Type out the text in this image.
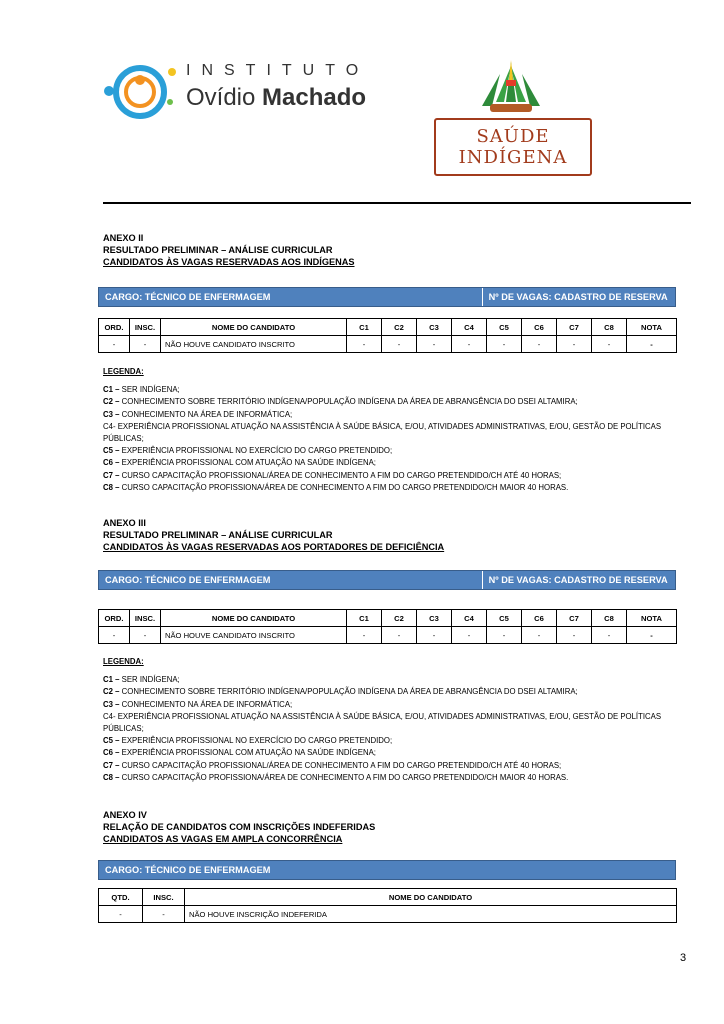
INSTITUTO
Ovídio Machado
SAÚDE INDÍGENA
ANEXO II
RESULTADO PRELIMINAR – ANÁLISE CURRICULAR
CANDIDATOS ÀS VAGAS RESERVADAS AOS INDÍGENAS
CARGO: TÉCNICO DE ENFERMAGEM	Nº DE VAGAS: CADASTRO DE RESERVA
ORD.	INSC.	NOME DO CANDIDATO	C1	C2	C3	C4	C5	C6	C7	C8	NOTA
-	-	NÃO HOUVE CANDIDATO INSCRITO	-	-	-	-	-	-	-	-	-
LEGENDA:

C1 – SER INDÍGENA;

C2 – CONHECIMENTO SOBRE TERRITÓRIO INDÍGENA/POPULAÇÃO INDÍGENA DA ÁREA DE ABRANGÊNCIA DO DSEI ALTAMIRA;

C3 – CONHECIMENTO NA ÁREA DE INFORMÁTICA;

C4- EXPERIÊNCIA PROFISSIONAL ATUAÇÃO NA ASSISTÊNCIA À SAÚDE BÁSICA, E/OU, ATIVIDADES ADMINISTRATIVAS, E/OU, GESTÃO DE POLÍTICAS PÚBLICAS;

C5 – EXPERIÊNCIA PROFISSIONAL NO EXERCÍCIO DO CARGO PRETENDIDO;

C6 – EXPERIÊNCIA PROFISSIONAL COM ATUAÇÃO NA SAÚDE INDÍGENA;

C7 – CURSO CAPACITAÇÃO PROFISSIONAL/ÁREA DE CONHECIMENTO A FIM DO CARGO PRETENDIDO/CH ATÉ 40 HORAS;

C8 – CURSO CAPACITAÇÃO PROFISSIONA/ÁREA DE CONHECIMENTO A FIM DO CARGO PRETENDIDO/CH MAIOR 40 HORAS.

ANEXO III
RESULTADO PRELIMINAR – ANÁLISE CURRICULAR
CANDIDATOS ÀS VAGAS RESERVADAS AOS PORTADORES DE DEFICIÊNCIA
CARGO: TÉCNICO DE ENFERMAGEM	Nº DE VAGAS: CADASTRO DE RESERVA
ORD.	INSC.	NOME DO CANDIDATO	C1	C2	C3	C4	C5	C6	C7	C8	NOTA
-	-	NÃO HOUVE CANDIDATO INSCRITO	-	-	-	-	-	-	-	-	-
LEGENDA:

C1 – SER INDÍGENA;

C2 – CONHECIMENTO SOBRE TERRITÓRIO INDÍGENA/POPULAÇÃO INDÍGENA DA ÁREA DE ABRANGÊNCIA DO DSEI ALTAMIRA;

C3 – CONHECIMENTO NA ÁREA DE INFORMÁTICA;

C4- EXPERIÊNCIA PROFISSIONAL ATUAÇÃO NA ASSISTÊNCIA À SAÚDE BÁSICA, E/OU, ATIVIDADES ADMINISTRATIVAS, E/OU, GESTÃO DE POLÍTICAS PÚBLICAS;

C5 – EXPERIÊNCIA PROFISSIONAL NO EXERCÍCIO DO CARGO PRETENDIDO;

C6 – EXPERIÊNCIA PROFISSIONAL COM ATUAÇÃO NA SAÚDE INDÍGENA;

C7 – CURSO CAPACITAÇÃO PROFISSIONAL/ÁREA DE CONHECIMENTO A FIM DO CARGO PRETENDIDO/CH ATÉ 40 HORAS;

C8 – CURSO CAPACITAÇÃO PROFISSIONA/ÁREA DE CONHECIMENTO A FIM DO CARGO PRETENDIDO/CH MAIOR 40 HORAS.

ANEXO IV
RELAÇÃO DE CANDIDATOS COM INSCRIÇÕES INDEFERIDAS
CANDIDATOS AS VAGAS EM AMPLA CONCORRÊNCIA
CARGO: TÉCNICO DE ENFERMAGEM
QTD.	INSC.	NOME DO CANDIDATO
-	-	NÃO HOUVE INSCRIÇÃO INDEFERIDA
3
